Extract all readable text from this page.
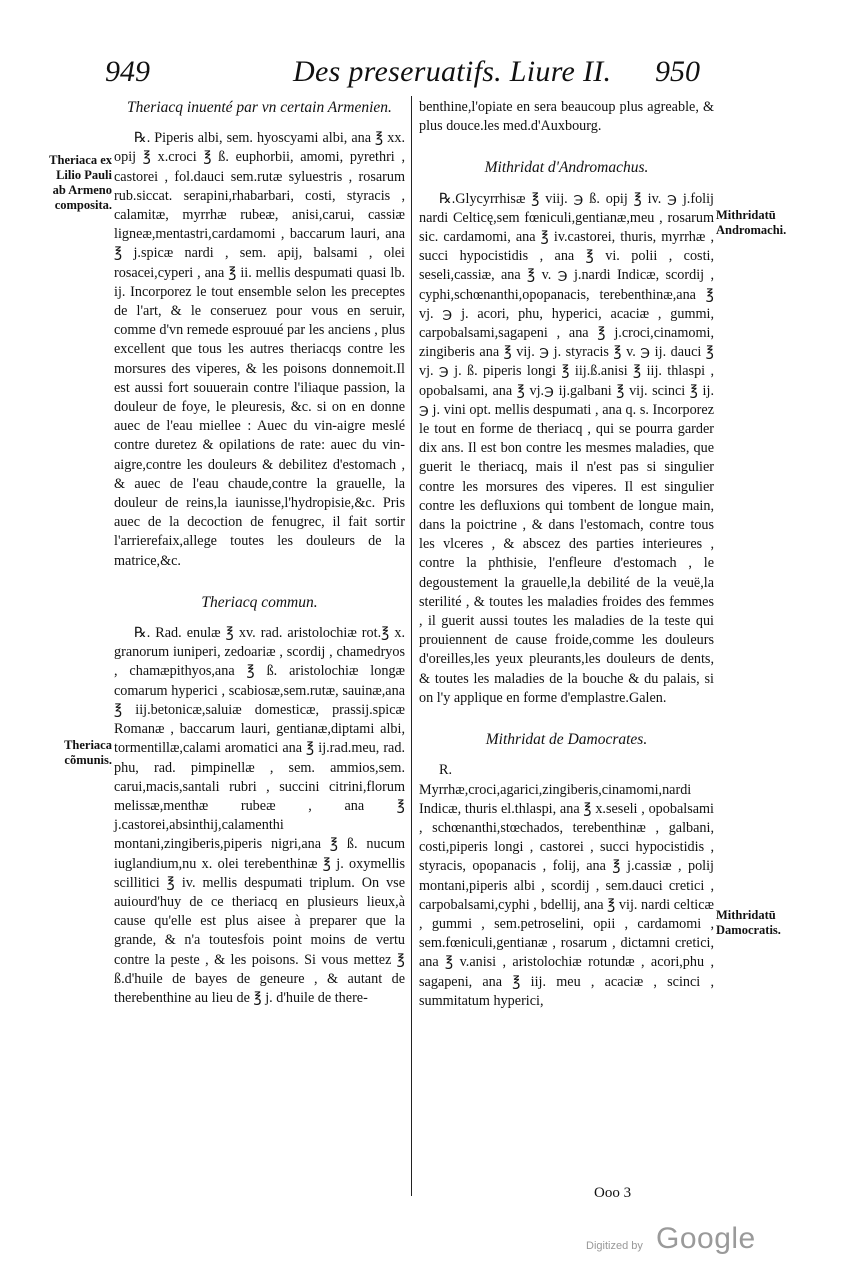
949	Des preseruatifs. Liure II. 950
Theriaca ex Lilio Pauli ab Armeno composita.
Theriaca cõmunis.
Mithridatū Andromachi.
Mithridatū Damocratis.
Theriacq inuenté par vn certain Armenien.

℞. Piperis albi, sem. hyoscyami albi, ana ℥ xx. opij ℥ x.croci ℥ ß. euphorbii, amomi, pyrethri , castorei , fol.dauci sem.rutæ syluestris , rosarum rub.siccat. serapini,rhabarbari, costi, styracis , calamitæ, myrrhæ rubeæ, anisi,carui, cassiæ ligneæ,mentastri,cardamomi , baccarum lauri, ana ℥ j.spicæ nardi , sem. apij, balsami , olei rosacei,cyperi , ana ℥ ii. mellis despumati quasi lb. ij. Incorporez le tout ensemble selon les preceptes de l'art, & le conseruez pour vous en seruir, comme d'vn remede esprouué par les anciens , plus excellent que tous les autres theriacqs contre les morsures des viperes, & les poisons donnemoit.Il est aussi fort souuerain contre l'iliaque passion, la douleur de foye, le pleuresis, &c. si on en donne auec de l'eau miellee : Auec du vin-aigre meslé contre duretez & opilations de rate: auec du vin-aigre,contre les douleurs & debilitez d'estomach , & auec de l'eau chaude,contre la grauelle, la douleur de reins,la iaunisse,l'hydropisie,&c. Pris auec de la decoction de fenugrec, il fait sortir l'arrierefaix,allege toutes les douleurs de la matrice,&c.

Theriacq commun.

℞. Rad. enulæ ℥ xv. rad. aristolochiæ rot.℥ x. granorum iuniperi, zedoariæ , scordij , chamedryos , chamæpithyos,ana ℥ ß. aristolochiæ longæ comarum hyperici , scabiosæ,sem.rutæ, sauinæ,ana ℥ iij.betonicæ,saluiæ domesticæ, prassij.spicæ Romanæ , baccarum lauri, gentianæ,diptami albi, tormentillæ,calami aromatici ana ℥ ij.rad.meu, rad. phu, rad. pimpinellæ , sem. ammios,sem. carui,macis,santali rubri , succini citrini,florum melissæ,menthæ rubeæ , ana ℥ j.castorei,absinthij,calamenthi montani,zingiberis,piperis nigri,ana ℥ ß. nucum iuglandium,nu x. olei terebenthinæ ℥ j. oxymellis scillitici ℥ iv. mellis despumati triplum. On vse auiourd'huy de ce theriacq en plusieurs lieux,à cause qu'elle est plus aisee à preparer que la grande, & n'a toutesfois point moins de vertu contre la peste , & les poisons. Si vous mettez ℥ ß.d'huile de bayes de geneure , & autant de therebenthine au lieu de ℥ j. d'huile de there-

benthine,l'opiate en sera beaucoup plus agreable, & plus douce.les med.d'Auxbourg.

Mithridat d'Andromachus.

℞.Glycyrrhisæ ℥ viij. ℈ ß. opij ℥ iv. ℈ j.folij nardi Celticę,sem fœniculi,gentianæ,meu , rosarum sic. cardamomi, ana ℥ iv.castorei, thuris, myrrhæ , succi hypocistidis , ana ℥ vi. polii , costi, seseli,cassiæ, ana ℥ v. ℈ j.nardi Indicæ, scordij , cyphi,schœnanthi,opopanacis, terebenthinæ,ana ℥ vj. ℈ j. acori, phu, hyperici, acaciæ , gummi, carpobalsami,sagapeni , ana ℥ j.croci,cinamomi, zingiberis ana ℥ vij. ℈ j. styracis ℥ v. ℈ ij. dauci ℥ vj. ℈ j. ß. piperis longi ℥ iij.ß.anisi ℥ iij. thlaspi , opobalsami, ana ℥ vj.℈ ij.galbani ℥ vij. scinci ℥ ij. ℈ j. vini opt. mellis despumati , ana q. s. Incorporez le tout en forme de theriacq , qui se pourra garder dix ans. Il est bon contre les mesmes maladies, que guerit le theriacq, mais il n'est pas si singulier contre les morsures des viperes. Il est singulier contre les defluxions qui tombent de longue main, dans la poictrine , & dans l'estomach, contre tous les vlceres , & abscez des parties interieures , contre la phthisie, l'enfleure d'estomach , le degoustement la grauelle,la debilité de la veuë,la sterilité , & toutes les maladies froides des femmes , il guerit aussi toutes les maladies de la teste qui prouiennent de cause froide,comme les douleurs d'oreilles,les yeux pleurants,les douleurs de dents, & toutes les maladies de la bouche & du palais, si on l'y applique en forme d'emplastre.Galen.

Mithridat de Damocrates.

R. Myrrhæ,croci,agarici,zingiberis,cinamomi,nardi Indicæ, thuris el.thlaspi, ana ℥ x.seseli , opobalsami , schœnanthi,stœchados, terebenthinæ , galbani, costi,piperis longi , castorei , succi hypocistidis , styracis, opopanacis , folij, ana ℥ j.cassiæ , polij montani,piperis albi , scordij , sem.dauci cretici , carpobalsami,cyphi , bdellij, ana ℥ vij. nardi celticæ , gummi , sem.petroselini, opii , cardamomi , sem.fœniculi,gentianæ , rosarum , dictamni cretici, ana ℥ v.anisi , aristolochiæ rotundæ , acori,phu , sagapeni, ana ℥ iij. meu , acaciæ , scinci , summitatum hyperici,

Ooo 3
Digitized by Google
